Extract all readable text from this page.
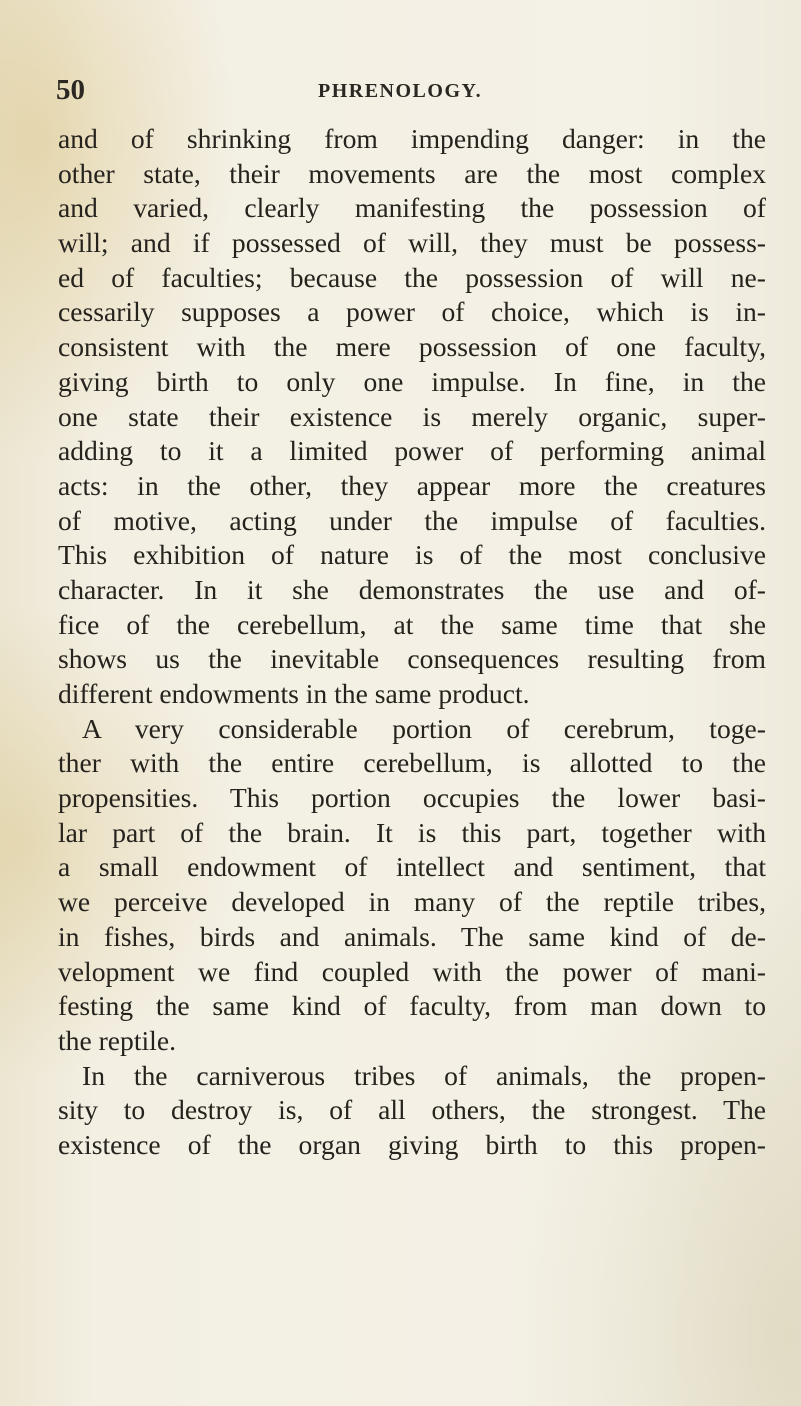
50	PHRENOLOGY.
and of shrinking from impending danger: in the
other state, their movements are the most complex
and varied, clearly manifesting the possession of
will; and if possessed of will, they must be possess-
ed of faculties; because the possession of will ne-
cessarily supposes a power of choice, which is in-
consistent with the mere possession of one faculty,
giving birth to only one impulse. In fine, in the
one state their existence is merely organic, super-
adding to it a limited power of performing animal
acts: in the other, they appear more the creatures
of motive, acting under the impulse of faculties.
This exhibition of nature is of the most conclusive
character. In it she demonstrates the use and of-
fice of the cerebellum, at the same time that she
shows us the inevitable consequences resulting from
different endowments in the same product.
A very considerable portion of cerebrum, toge-
ther with the entire cerebellum, is allotted to the
propensities. This portion occupies the lower basi-
lar part of the brain. It is this part, together with
a small endowment of intellect and sentiment, that
we perceive developed in many of the reptile tribes,
in fishes, birds and animals. The same kind of de-
velopment we find coupled with the power of mani-
festing the same kind of faculty, from man down to
the reptile.
In the carniverous tribes of animals, the propen-
sity to destroy is, of all others, the strongest. The
existence of the organ giving birth to this propen-
